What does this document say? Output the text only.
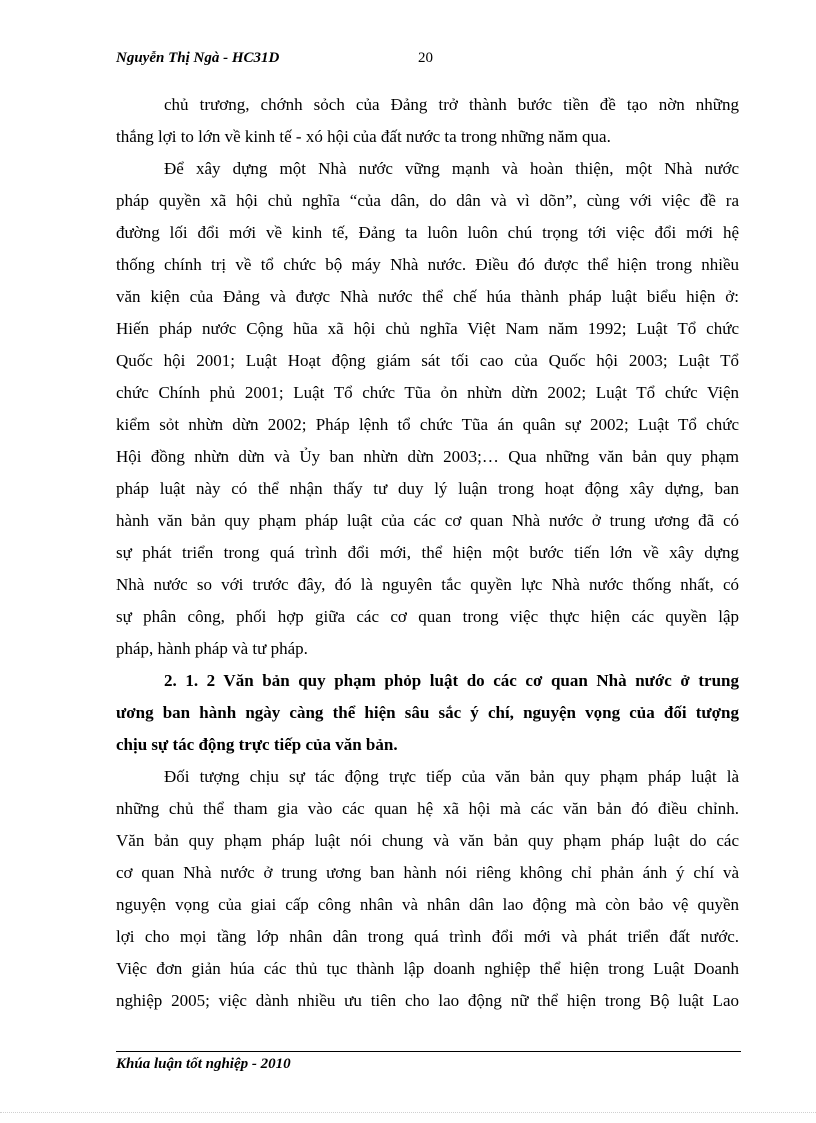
Nguyễn Thị Ngà - HC31D	20
chủ trương, chớnh sỏch của Đảng trở thành bước tiền đề tạo nờn những
thắng lợi to lớn về kinh tế - xó hội của đất nước ta trong những năm qua.
Để xây dựng một Nhà nước vững mạnh và hoàn thiện, một Nhà nước
pháp quyền xã hội chủ nghĩa “của dân, do dân và vì dõn”, cùng với việc đề ra
đường lối đổi mới về kinh tế, Đảng ta luôn luôn chú trọng tới việc đổi mới hệ
thống chính trị về tổ chức bộ máy Nhà nước. Điều đó được thể hiện trong nhiều
văn kiện của Đảng và được Nhà nước thể chế húa thành pháp luật biểu hiện ở:
Hiến pháp nước Cộng hũa xã hội chủ nghĩa Việt Nam năm 1992; Luật Tổ chức
Quốc hội 2001; Luật Hoạt động giám sát tối cao của Quốc hội 2003; Luật Tổ
chức Chính phủ 2001; Luật Tổ chức Tũa ỏn nhừn dừn 2002; Luật Tổ chức Viện
kiểm sỏt nhừn dừn 2002; Pháp lệnh tổ chức Tũa án quân sự 2002; Luật Tổ chức
Hội đồng nhừn dừn và Ủy ban nhừn dừn 2003;… Qua những văn bản quy phạm
pháp luật này có thể nhận thấy tư duy lý luận trong hoạt động xây dựng, ban
hành văn bản quy phạm pháp luật của các cơ quan Nhà nước ở trung ương đã có
sự phát triển trong quá trình đổi mới, thể hiện một bước tiến lớn về xây dựng
Nhà nước so với trước đây, đó là nguyên tắc quyền lực Nhà nước thống nhất, có
sự phân công, phối hợp giữa các cơ quan trong việc thực hiện các quyền lập
pháp, hành pháp và tư pháp.
2. 1. 2 Văn bản quy phạm phỏp luật do các cơ quan Nhà nước ở trung
ương ban hành ngày càng thể hiện sâu sắc ý chí, nguyện vọng của đối tượng
chịu sự tác động trực tiếp của văn bản.
Đối tượng chịu sự tác động trực tiếp của văn bản quy phạm pháp luật là
những chủ thể tham gia vào các quan hệ xã hội mà các văn bản đó điều chỉnh.
Văn bản quy phạm pháp luật nói chung và văn bản quy phạm pháp luật do các
cơ quan Nhà nước ở trung ương ban hành nói riêng không chỉ phản ánh ý chí và
nguyện vọng của giai cấp công nhân và nhân dân lao động mà còn bảo vệ quyền
lợi cho mọi tầng lớp nhân dân trong quá trình đổi mới và phát triển đất nước.
Việc đơn giản húa các thủ tục thành lập doanh nghiệp thể hiện trong Luật Doanh
nghiệp 2005; việc dành nhiều ưu tiên cho lao động nữ thể hiện trong Bộ luật Lao
Khúa luận tốt nghiệp - 2010
